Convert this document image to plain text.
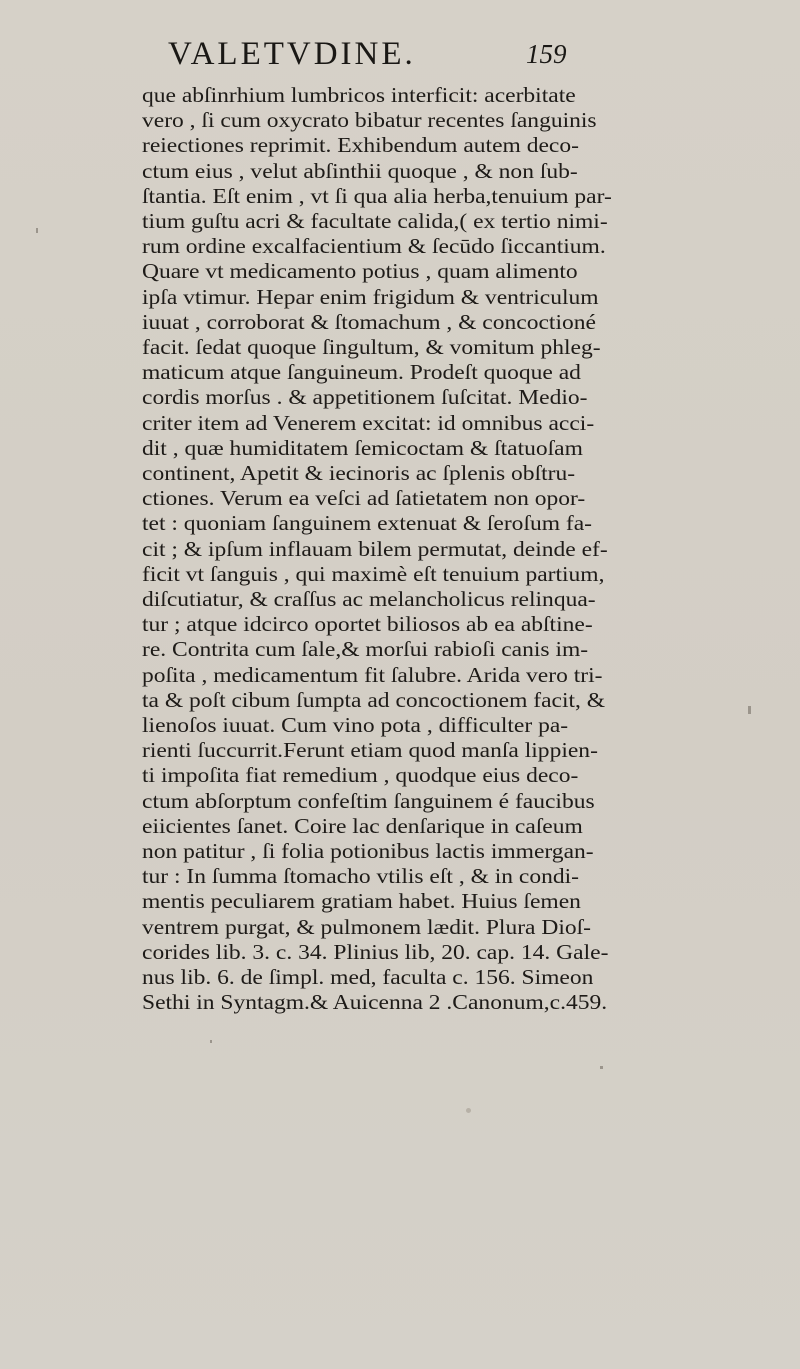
VALETVDINE.	159
que abſinrhium lumbricos interficit: acerbitate
vero , ſi cum oxycrato bibatur recentes ſanguinis
reiectiones reprimit. Exhibendum autem deco-
ctum eius , velut abſinthii quoque , & non ſub-
ſtantia. Eſt enim , vt ſi qua alia herba,tenuium par-
tium guſtu acri & facultate calida,( ex tertio nimi-
rum ordine excalfacientium & ſecūdo ſiccantium.
Quare vt medicamento potius , quam alimento
ipſa vtimur. Hepar enim frigidum & ventriculum
iuuat , corroborat & ſtomachum , & concoctioné
facit. ſedat quoque ſingultum, & vomitum phleg-
maticum atque ſanguineum. Prodeſt quoque ad
cordis morſus . & appetitionem ſuſcitat. Medio-
criter item ad Venerem excitat: id omnibus acci-
dit , quæ humiditatem ſemicoctam & ſtatuoſam
continent, Apetit & iecinoris ac ſplenis obſtru-
ctiones. Verum ea veſci ad ſatietatem non opor-
tet : quoniam ſanguinem extenuat & ſeroſum fa-
cit ; & ipſum inflauam bilem permutat, deinde ef-
ficit vt ſanguis , qui maximè eſt tenuium partium,
diſcutiatur, & craſſus ac melancholicus relinqua-
tur ; atque idcirco oportet biliosos ab ea abſtine-
re. Contrita cum ſale,& morſui rabioſi canis im-
poſita , medicamentum fit ſalubre. Arida vero tri-
ta & poſt cibum ſumpta ad concoctionem facit, &
lienoſos iuuat. Cum vino pota , difficulter pa-
rienti ſuccurrit.Ferunt etiam quod manſa lippien-
ti impoſita fiat remedium , quodque eius deco-
ctum abſorptum confeſtim ſanguinem é faucibus
eiicientes ſanet. Coire lac denſarique in caſeum
non patitur , ſi folia potionibus lactis immergan-
tur : In ſumma ſtomacho vtilis eſt , & in condi-
mentis peculiarem gratiam habet. Huius ſemen
ventrem purgat, & pulmonem lædit. Plura Dioſ-
corides lib. 3. c. 34. Plinius lib, 20. cap. 14. Gale-
nus lib. 6. de ſimpl. med, faculta c. 156. Simeon
Sethi in Syntagm.& Auicenna 2 .Canonum,c.459.
